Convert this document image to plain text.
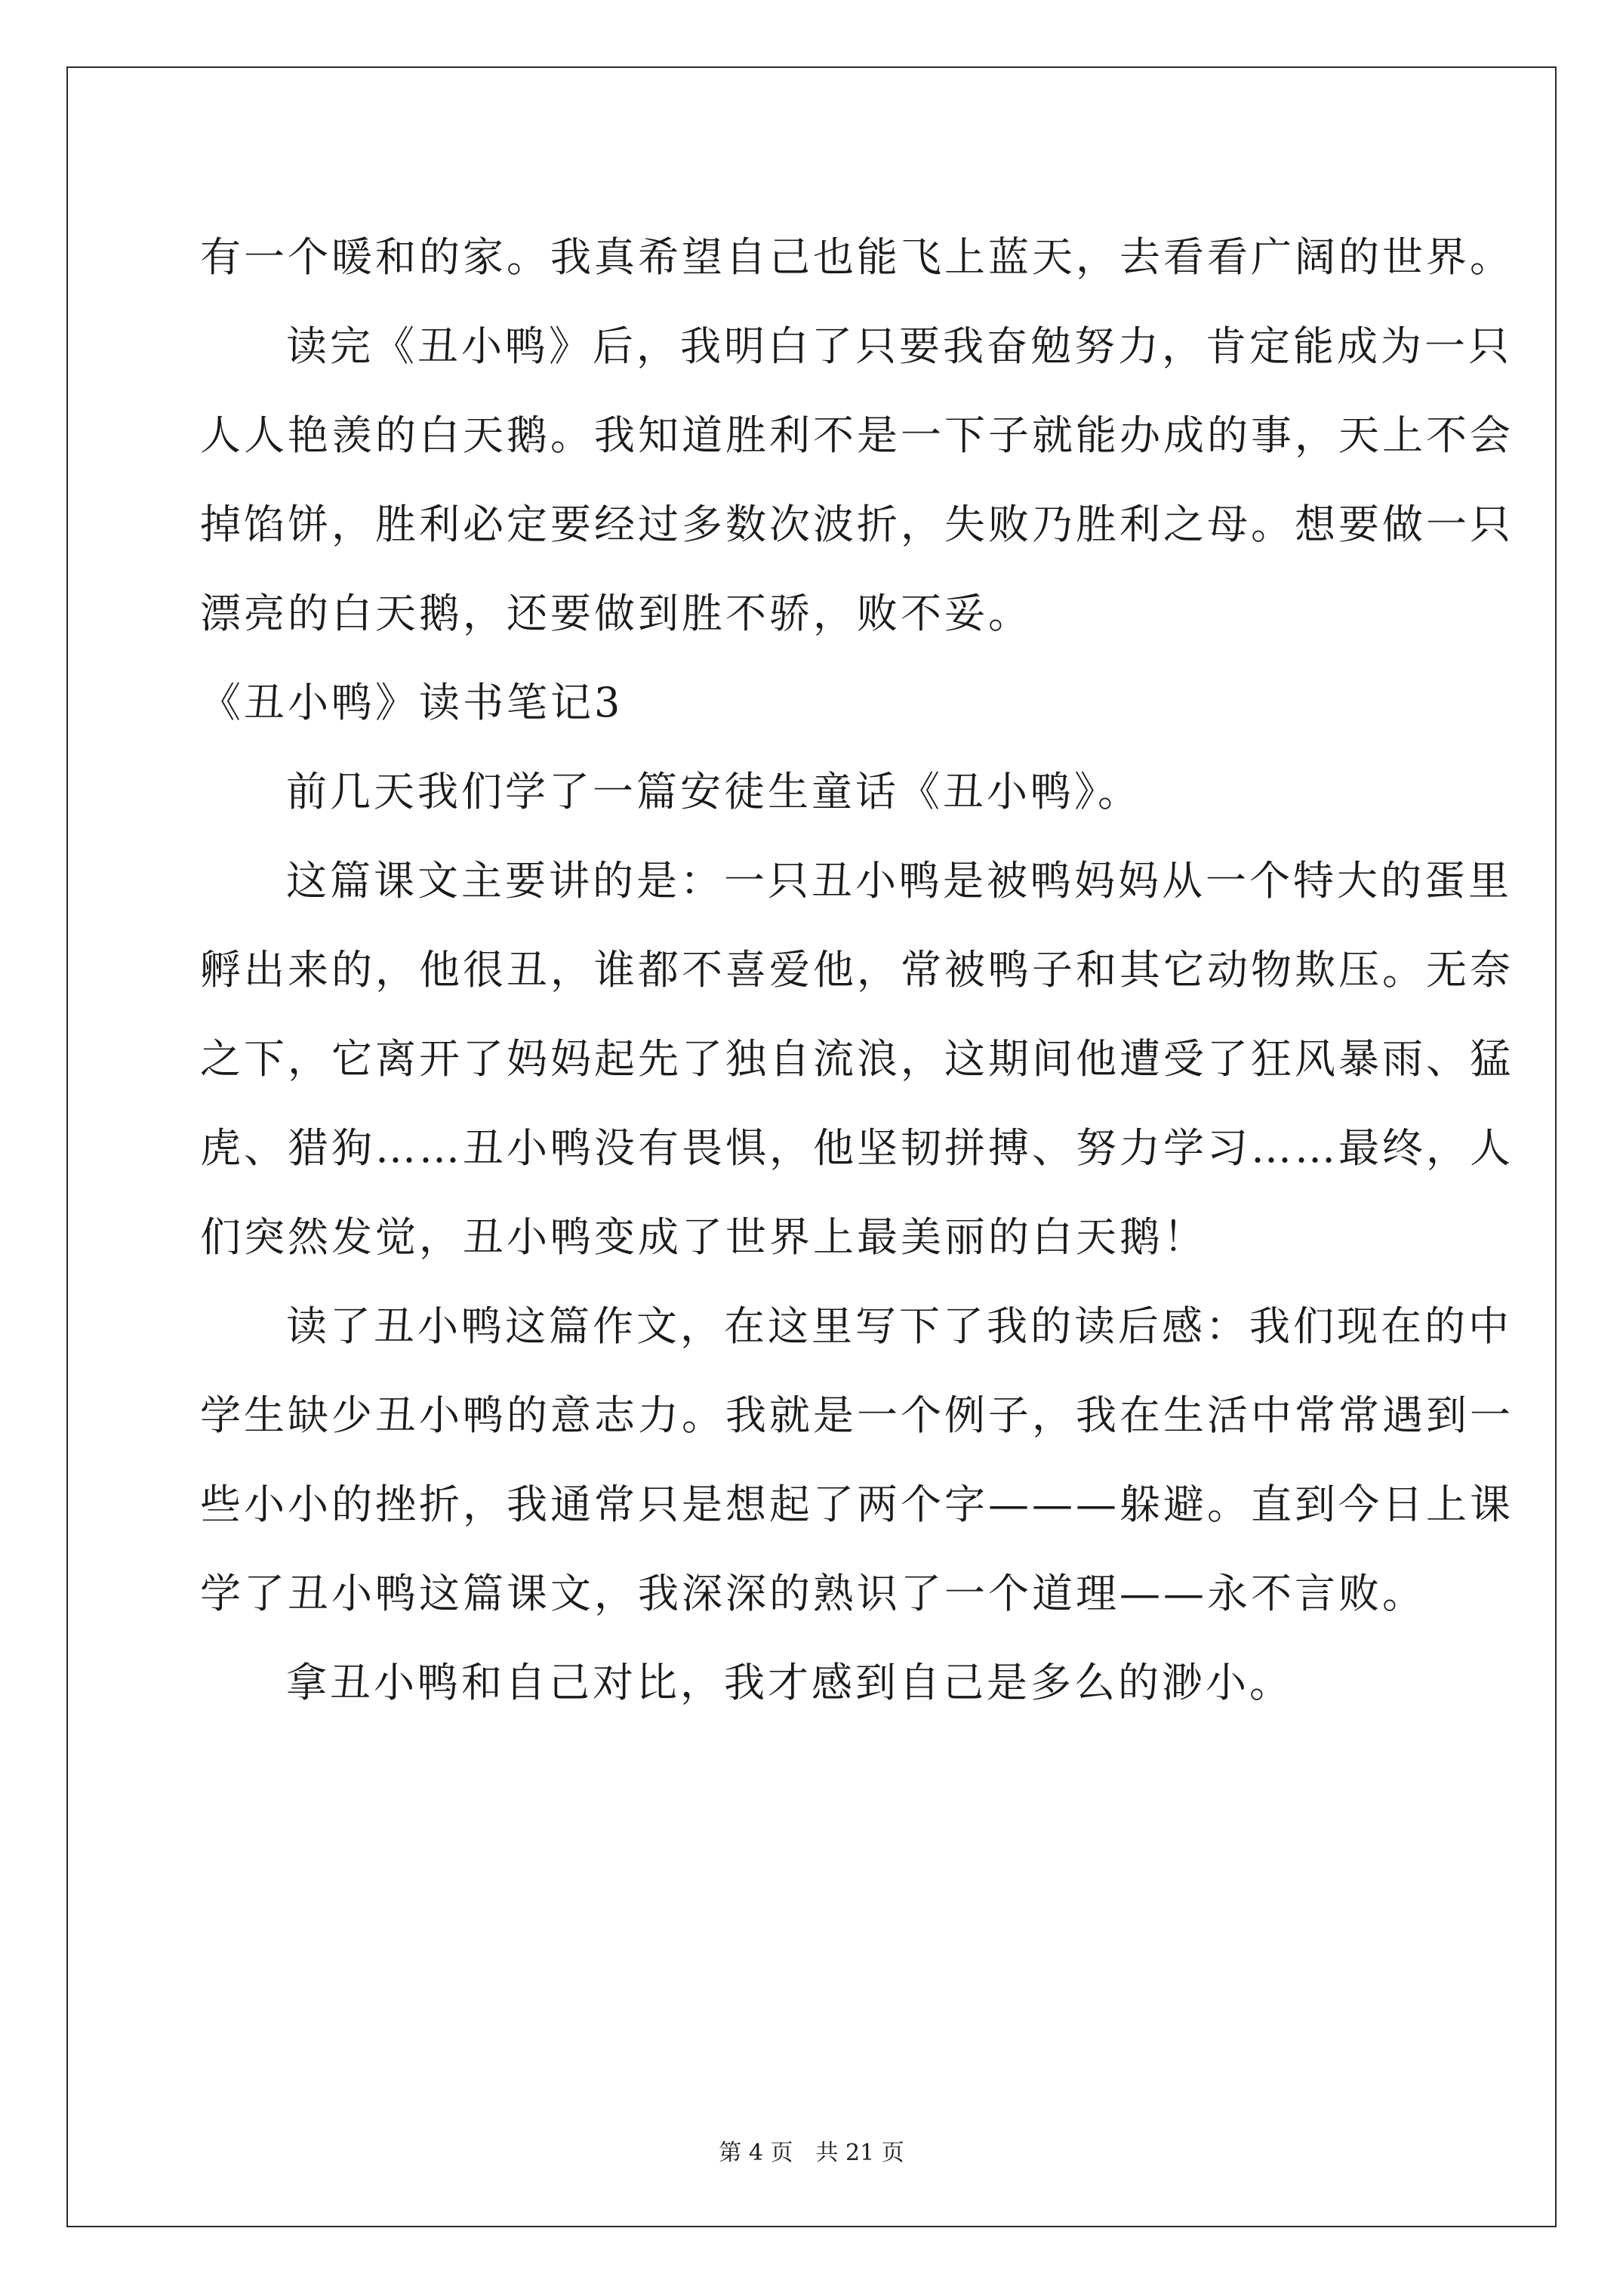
有一个暖和的家。我真希望自己也能飞上蓝天，去看看广阔的世界。
读完《丑小鸭》后，我明白了只要我奋勉努力，肯定能成为一只
人人艳羡的白天鹅。我知道胜利不是一下子就能办成的事，天上不会
掉馅饼，胜利必定要经过多数次波折，失败乃胜利之母。想要做一只
漂亮的白天鹅，还要做到胜不骄，败不妥。
《丑小鸭》读书笔记3
前几天我们学了一篇安徒生童话《丑小鸭》。
这篇课文主要讲的是：一只丑小鸭是被鸭妈妈从一个特大的蛋里
孵出来的，他很丑，谁都不喜爱他，常被鸭子和其它动物欺压。无奈
之下，它离开了妈妈起先了独自流浪，这期间他遭受了狂风暴雨、猛
虎、猎狗……丑小鸭没有畏惧，他坚韧拼搏、努力学习……最终，人
们突然发觉，丑小鸭变成了世界上最美丽的白天鹅！
读了丑小鸭这篇作文，在这里写下了我的读后感：我们现在的中
学生缺少丑小鸭的意志力。我就是一个例子，我在生活中常常遇到一
些小小的挫折，我通常只是想起了两个字———躲避。直到今日上课
学了丑小鸭这篇课文，我深深的熟识了一个道理——永不言败。
拿丑小鸭和自己对比，我才感到自己是多么的渺小。
第 4 页　共 21 页
